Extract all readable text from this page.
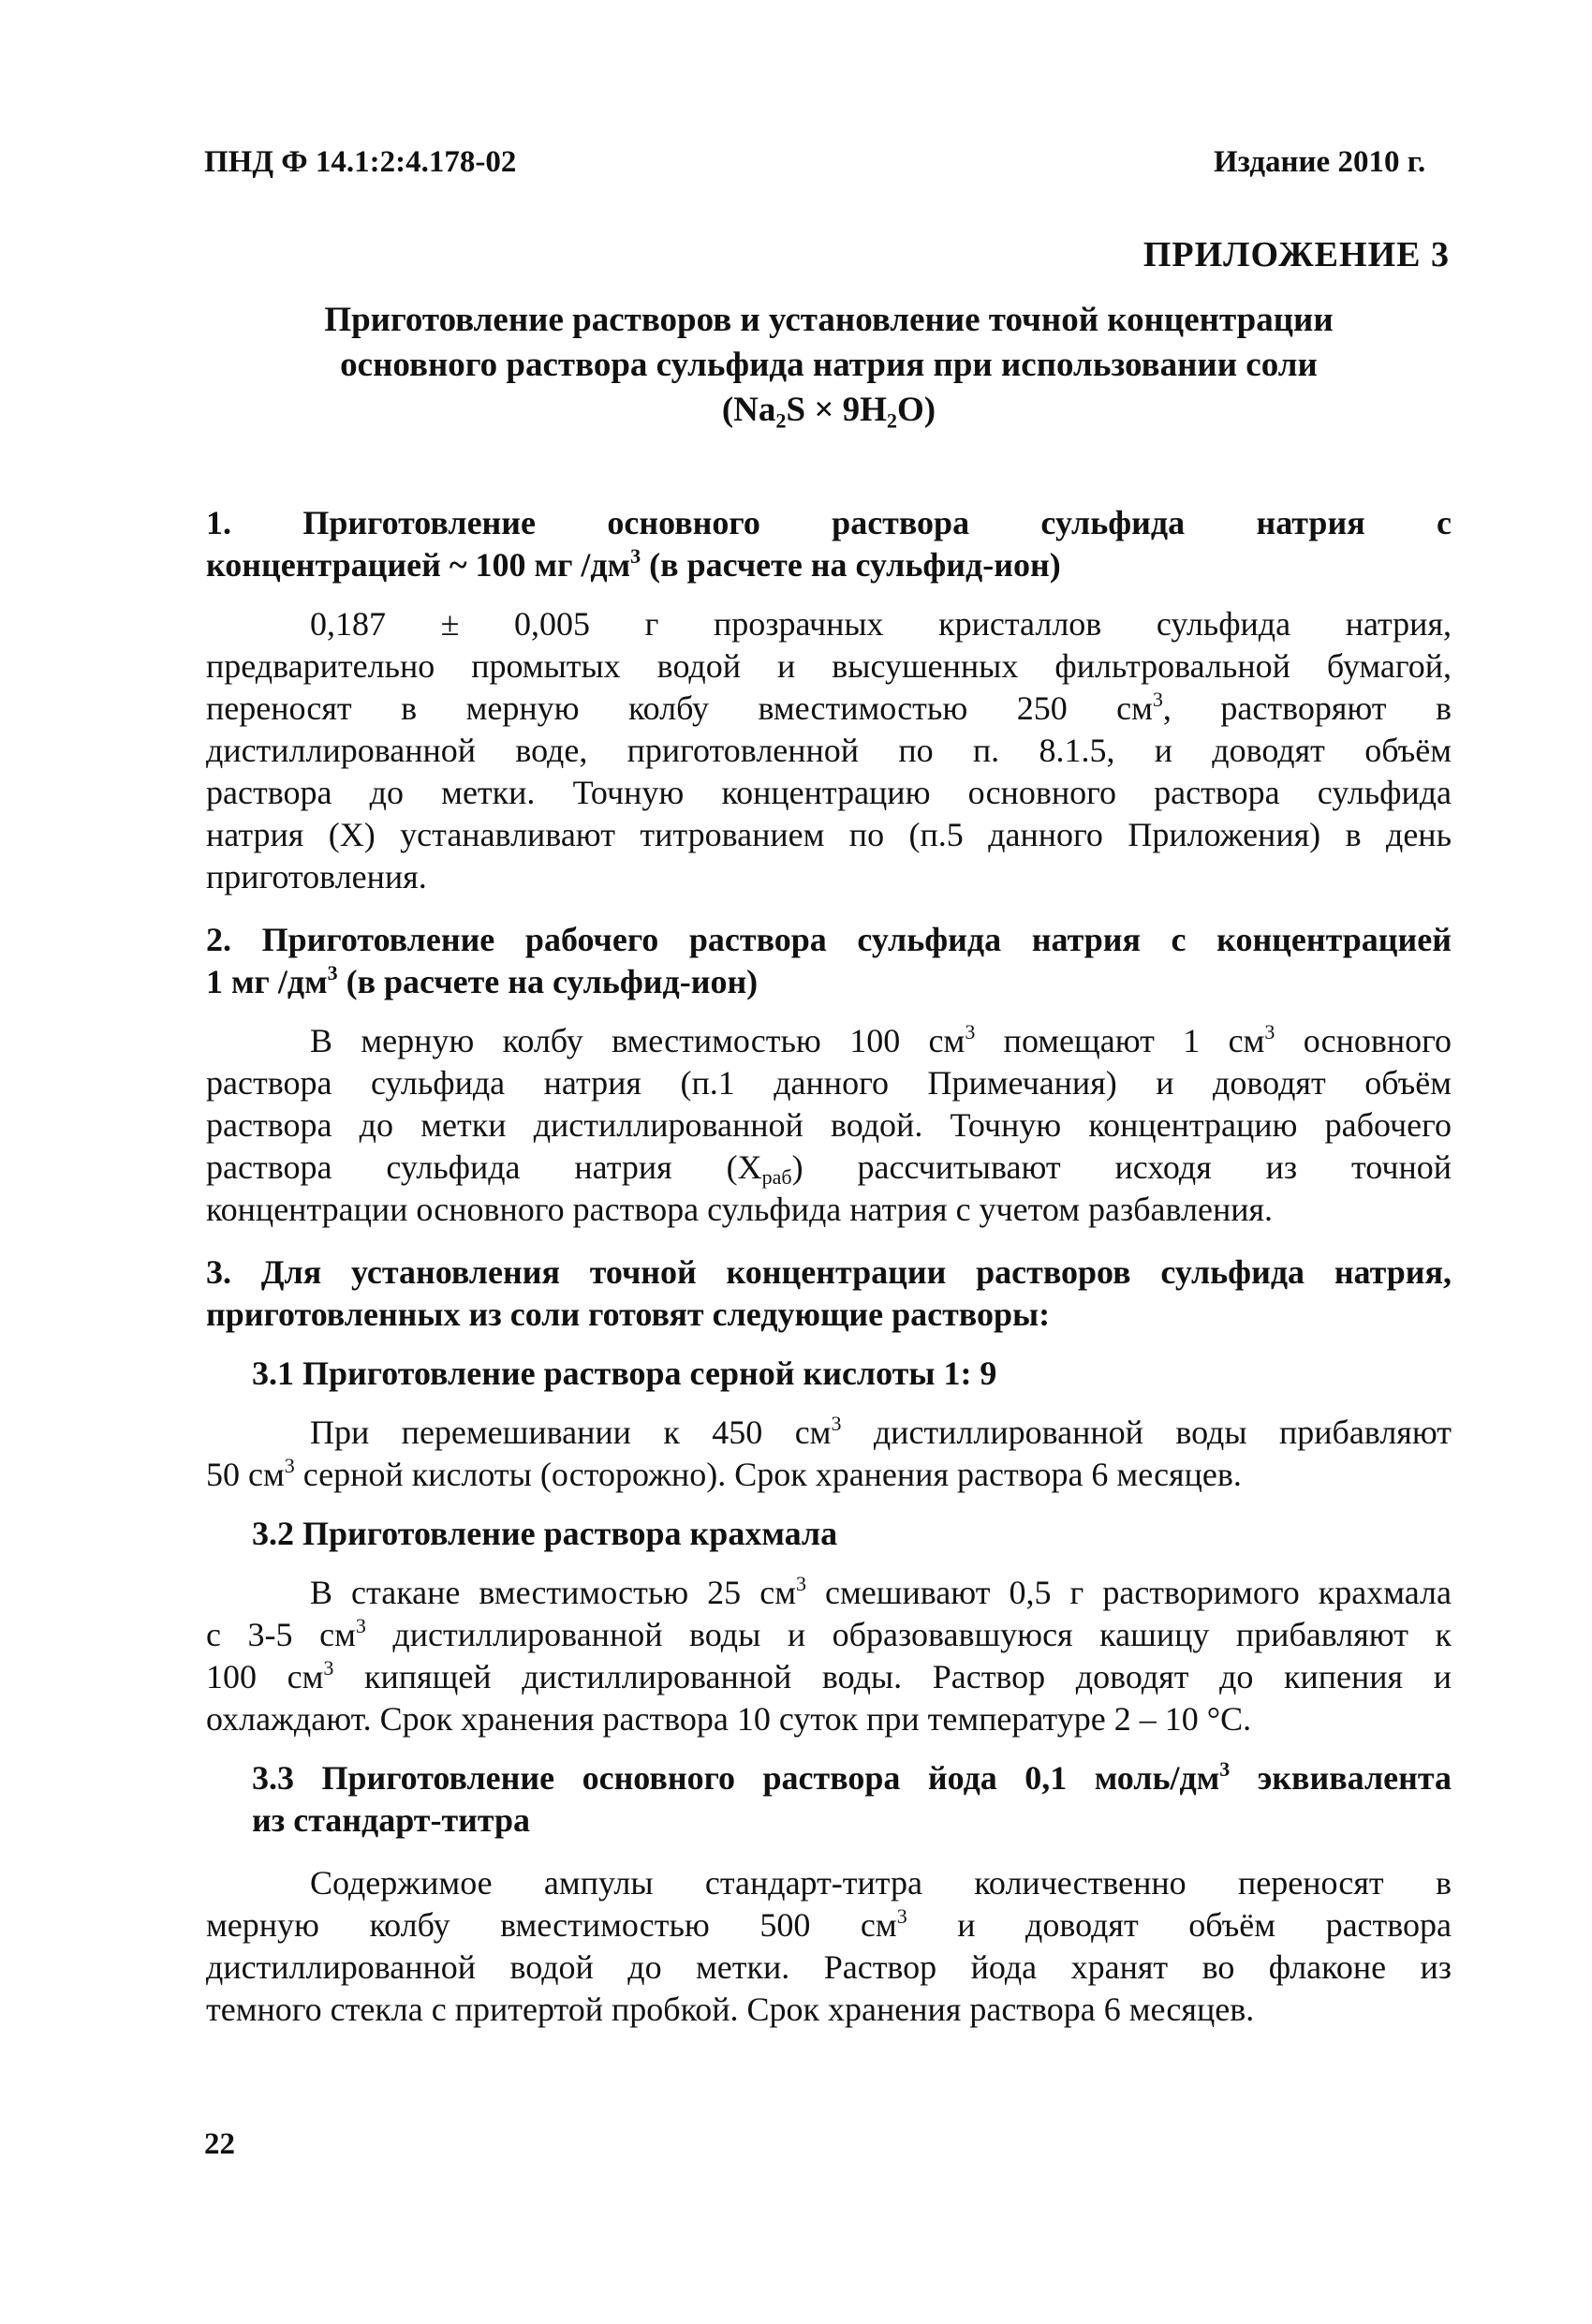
ПНД Ф 14.1:2:4.178-02	Издание 2010 г.
ПРИЛОЖЕНИЕ 3
Приготовление растворов и установление точной концентрации
основного раствора сульфида натрия при использовании соли
(Na₂S × 9H₂O)
1. Приготовление основного раствора сульфида натрия с
концентрацией ~ 100 мг $/дм^3$ (в расчете на сульфид-ион)

0,187 ± 0,005 г прозрачных кристаллов сульфида натрия,
предварительно промытых водой и высушенных фильтровальной бумагой,
переносят в мерную колбу вместимостью 250 $см^3$, растворяют в
дистиллированной воде, приготовленной по п. 8.1.5, и доводят объём
раствора до метки. Точную концентрацию основного раствора сульфида
натрия (Х) устанавливают титрованием по (п.5 данного Приложения) в день
приготовления.

2. Приготовление рабочего раствора сульфида натрия с концентрацией
1 мг $/дм^3$ (в расчете на сульфид-ион)

В мерную колбу вместимостью 100 $см^3$ помещают 1 $см^3$ основного
раствора сульфида натрия (п.1 данного Примечания) и доводят объём
раствора до метки дистиллированной водой. Точную концентрацию рабочего
раствора сульфида натрия $(Х_{раб})$ рассчитывают исходя из точной
концентрации основного раствора сульфида натрия с учетом разбавления.

3. Для установления точной концентрации растворов сульфида натрия,
приготовленных из соли готовят следующие растворы:
3.1 Приготовление раствора серной кислоты 1: 9

При перемешивании к 450 $см^3$ дистиллированной воды прибавляют
50 $см^3$ серной кислоты (осторожно). Срок хранения раствора 6 месяцев.

3.2 Приготовление раствора крахмала

В стакане вместимостью 25 $см^3$ смешивают 0,5 г растворимого крахмала
с 3-5 $см^3$ дистиллированной воды и образовавшуюся кашицу прибавляют к
100 $см^3$ кипящей дистиллированной воды. Раствор доводят до кипения и
охлаждают. Срок хранения раствора 10 суток при температуре 2 – 10 °С.

3.3 Приготовление основного раствора йода 0,1 моль/$дм^3$ эквивалента
из стандарт-титра

Содержимое ампулы стандарт-титра количественно переносят в
мерную колбу вместимостью 500 $см^3$ и доводят объём раствора
дистиллированной водой до метки. Раствор йода хранят во флаконе из
темного стекла с притертой пробкой. Срок хранения раствора 6 месяцев.

22
